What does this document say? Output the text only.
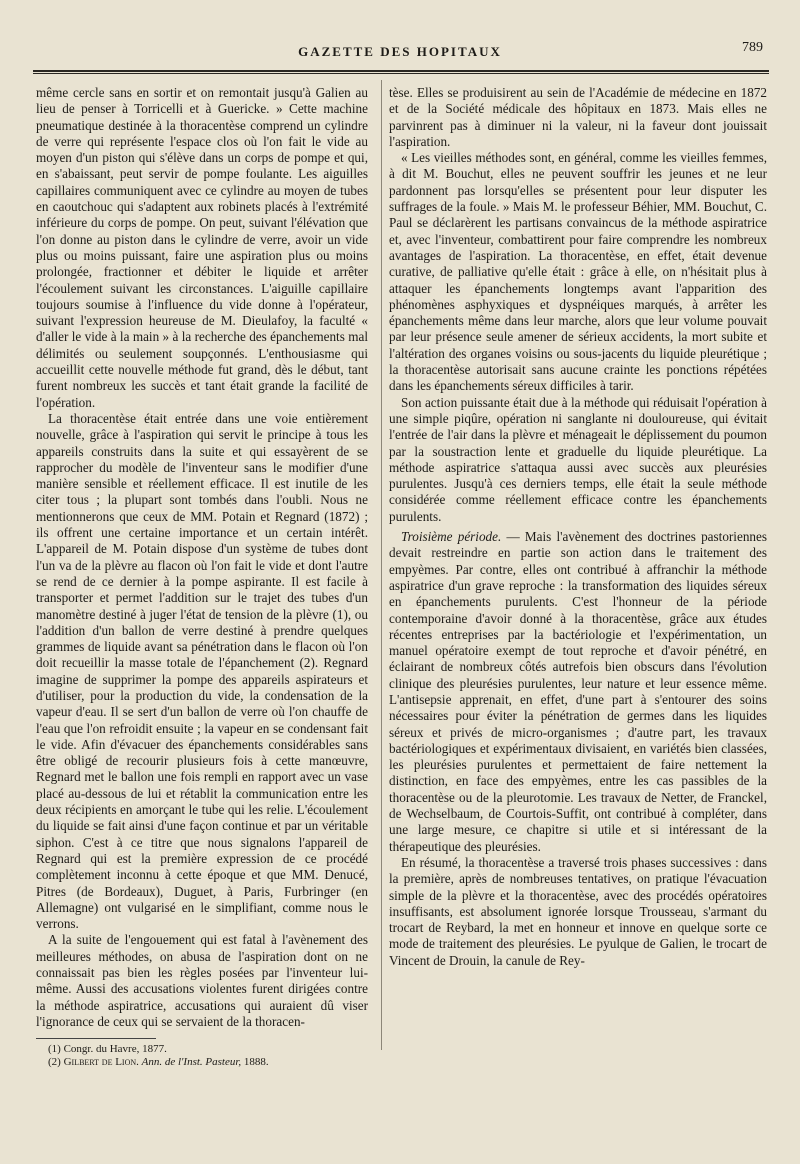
GAZETTE DES HOPITAUX	789

même cercle sans en sortir et on remontait jusqu'à Galien au lieu de penser à Torricelli et à Guericke. » Cette machine pneumatique destinée à la thoracentèse comprend un cylindre de verre qui représente l'espace clos où l'on fait le vide au moyen d'un piston qui s'élève dans un corps de pompe et qui, en s'abaissant, peut servir de pompe foulante. Les aiguilles capillaires communiquent avec ce cylindre au moyen de tubes en caoutchouc qui s'adaptent aux robinets placés à l'extrémité inférieure du corps de pompe. On peut, suivant l'élévation que l'on donne au piston dans le cylindre de verre, avoir un vide plus ou moins puissant, faire une aspiration plus ou moins prolongée, fractionner et débiter le liquide et arrêter l'écoulement suivant les circonstances. L'aiguille capillaire toujours soumise à l'influence du vide donne à l'opérateur, suivant l'expression heureuse de M. Dieulafoy, la faculté « d'aller le vide à la main » à la recherche des épanchements mal délimités ou seulement soupçonnés. L'enthousiasme qui accueillit cette nouvelle méthode fut grand, dès le début, tant furent nombreux les succès et tant était grande la facilité de l'opération.

La thoracentèse était entrée dans une voie entièrement nouvelle, grâce à l'aspiration qui servit le principe à tous les appareils construits dans la suite et qui essayèrent de se rapprocher du modèle de l'inventeur sans le modifier d'une manière sensible et réellement efficace. Il est inutile de les citer tous ; la plupart sont tombés dans l'oubli. Nous ne mentionnerons que ceux de MM. Potain et Regnard (1872) ; ils offrent une certaine importance et un certain intérêt. L'appareil de M. Potain dispose d'un système de tubes dont l'un va de la plèvre au flacon où l'on fait le vide et dont l'autre se rend de ce dernier à la pompe aspirante. Il est facile à transporter et permet l'addition sur le trajet des tubes d'un manomètre destiné à juger l'état de tension de la plèvre (1), ou l'addition d'un ballon de verre destiné à prendre quelques grammes de liquide avant sa pénétration dans le flacon où l'on doit recueillir la masse totale de l'épanchement (2). Regnard imagine de supprimer la pompe des appareils aspirateurs et d'utiliser, pour la production du vide, la condensation de la vapeur d'eau. Il se sert d'un ballon de verre où l'on chauffe de l'eau que l'on refroidit ensuite ; la vapeur en se condensant fait le vide. Afin d'évacuer des épanchements considérables sans être obligé de recourir plusieurs fois à cette manœuvre, Regnard met le ballon une fois rempli en rapport avec un vase placé au-dessous de lui et rétablit la communication entre les deux récipients en amorçant le tube qui les relie. L'écoulement du liquide se fait ainsi d'une façon continue et par un véritable siphon. C'est à ce titre que nous signalons l'appareil de Regnard qui est la première expression de ce procédé complètement inconnu à cette époque et que MM. Denucé, Pitres (de Bordeaux), Duguet, à Paris, Furbringer (en Allemagne) ont vulgarisé en le simplifiant, comme nous le verrons.

A la suite de l'engouement qui est fatal à l'avènement des meilleures méthodes, on abusa de l'aspiration dont on ne connaissait pas bien les règles posées par l'inventeur lui-même. Aussi des accusations violentes furent dirigées contre la méthode aspiratrice, accusations qui auraient dû viser l'ignorance de ceux qui se servaient de la thoracen-

(1) Congr. du Havre, 1877.

(2) Gilbert de Lion. Ann. de l'Inst. Pasteur, 1888.

tèse. Elles se produisirent au sein de l'Académie de médecine en 1872 et de la Société médicale des hôpitaux en 1873. Mais elles ne parvinrent pas à diminuer ni la valeur, ni la faveur dont jouissait l'aspiration.

« Les vieilles méthodes sont, en général, comme les vieilles femmes, à dit M. Bouchut, elles ne peuvent souffrir les jeunes et ne leur pardonnent pas lorsqu'elles se présentent pour leur disputer les suffrages de la foule. » Mais M. le professeur Béhier, MM. Bouchut, C. Paul se déclarèrent les partisans convaincus de la méthode aspiratrice et, avec l'inventeur, combattirent pour faire comprendre les nombreux avantages de l'aspiration. La thoracentèse, en effet, était devenue curative, de palliative qu'elle était : grâce à elle, on n'hésitait plus à attaquer les épanchements longtemps avant l'apparition des phénomènes asphyxiques et dyspnéiques marqués, à arrêter les épanchements même dans leur marche, alors que leur volume pouvait par leur présence seule amener de sérieux accidents, la mort subite et l'altération des organes voisins ou sous-jacents du liquide pleurétique ; la thoracentèse autorisait sans aucune crainte les ponctions répétées dans les épanchements séreux difficiles à tarir.

Son action puissante était due à la méthode qui réduisait l'opération à une simple piqûre, opération ni sanglante ni douloureuse, qui évitait l'entrée de l'air dans la plèvre et ménageait le déplissement du poumon par la soustraction lente et graduelle du liquide pleurétique. La méthode aspiratrice s'attaqua aussi avec succès aux pleurésies purulentes. Jusqu'à ces derniers temps, elle était la seule méthode considérée comme réellement efficace contre les épanchements purulents.

Troisième période. — Mais l'avènement des doctrines pastoriennes devait restreindre en partie son action dans le traitement des empyèmes. Par contre, elles ont contribué à affranchir la méthode aspiratrice d'un grave reproche : la transformation des liquides séreux en épanchements purulents. C'est l'honneur de la période contemporaine d'avoir donné à la thoracentèse, grâce aux études récentes entreprises par la bactériologie et l'expérimentation, un manuel opératoire exempt de tout reproche et d'avoir pénétré, en éclairant de nombreux côtés autrefois bien obscurs dans l'évolution clinique des pleurésies purulentes, leur nature et leur essence même. L'antisepsie apprenait, en effet, d'une part à s'entourer des soins nécessaires pour éviter la pénétration de germes dans les liquides séreux et privés de micro-organismes ; d'autre part, les travaux bactériologiques et expérimentaux divisaient, en variétés bien classées, les pleurésies purulentes et permettaient de faire nettement la distinction, en face des empyèmes, entre les cas passibles de la thoracentèse ou de la pleurotomie. Les travaux de Netter, de Franckel, de Wechselbaum, de Courtois-Suffit, ont contribué à compléter, dans une large mesure, ce chapitre si utile et si intéressant de la thérapeutique des pleurésies.

En résumé, la thoracentèse a traversé trois phases successives : dans la première, après de nombreuses tentatives, on pratique l'évacuation simple de la plèvre et la thoracentèse, avec des procédés opératoires insuffisants, est absolument ignorée lorsque Trousseau, s'armant du trocart de Reybard, la met en honneur et innove en quelque sorte ce mode de traitement des pleurésies. Le pyulque de Galien, le trocart de Vincent de Drouin, la canule de Rey-
